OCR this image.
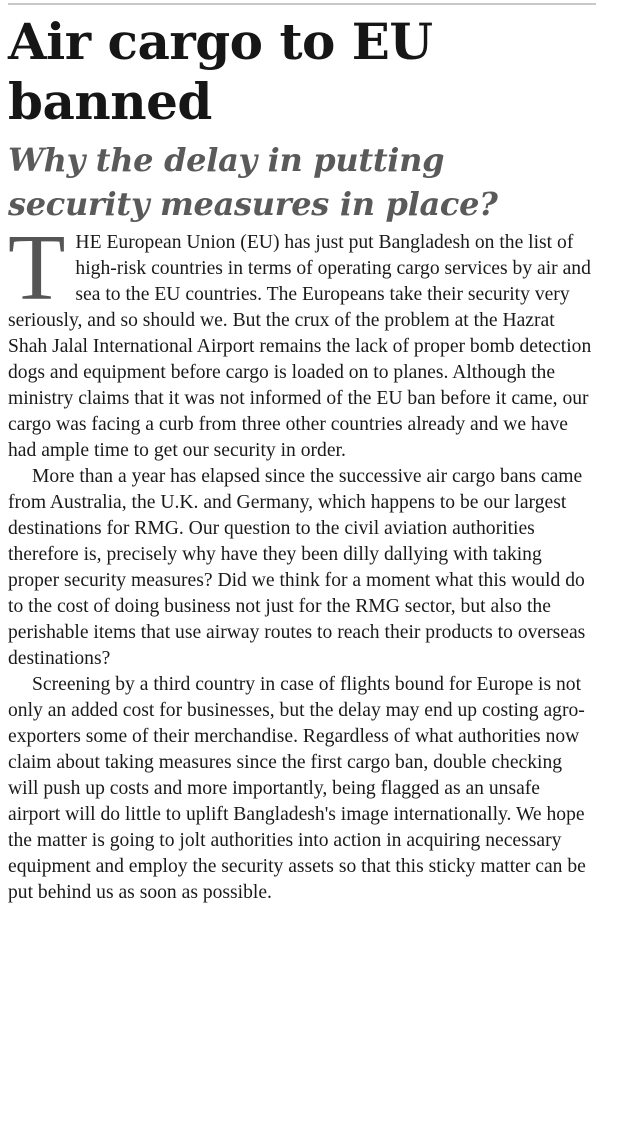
Air cargo to EU banned
Why the delay in putting security measures in place?

THE European Union (EU) has just put Bangladesh on the list of high-risk countries in terms of operating cargo services by air and sea to the EU countries. The Europeans take their security very seriously, and so should we. But the crux of the problem at the Hazrat Shah Jalal International Airport remains the lack of proper bomb detection dogs and equipment before cargo is loaded on to planes. Although the ministry claims that it was not informed of the EU ban before it came, our cargo was facing a curb from three other countries already and we have had ample time to get our security in order.

More than a year has elapsed since the successive air cargo bans came from Australia, the U.K. and Germany, which happens to be our largest destinations for RMG. Our question to the civil aviation authorities therefore is, precisely why have they been dilly dallying with taking proper security measures? Did we think for a moment what this would do to the cost of doing business not just for the RMG sector, but also the perishable items that use airway routes to reach their products to overseas destinations?

Screening by a third country in case of flights bound for Europe is not only an added cost for businesses, but the delay may end up costing agro-exporters some of their merchandise. Regardless of what authorities now claim about taking measures since the first cargo ban, double checking will push up costs and more importantly, being flagged as an unsafe airport will do little to uplift Bangladesh's image internationally. We hope the matter is going to jolt authorities into action in acquiring necessary equipment and employ the security assets so that this sticky matter can be put behind us as soon as possible.
